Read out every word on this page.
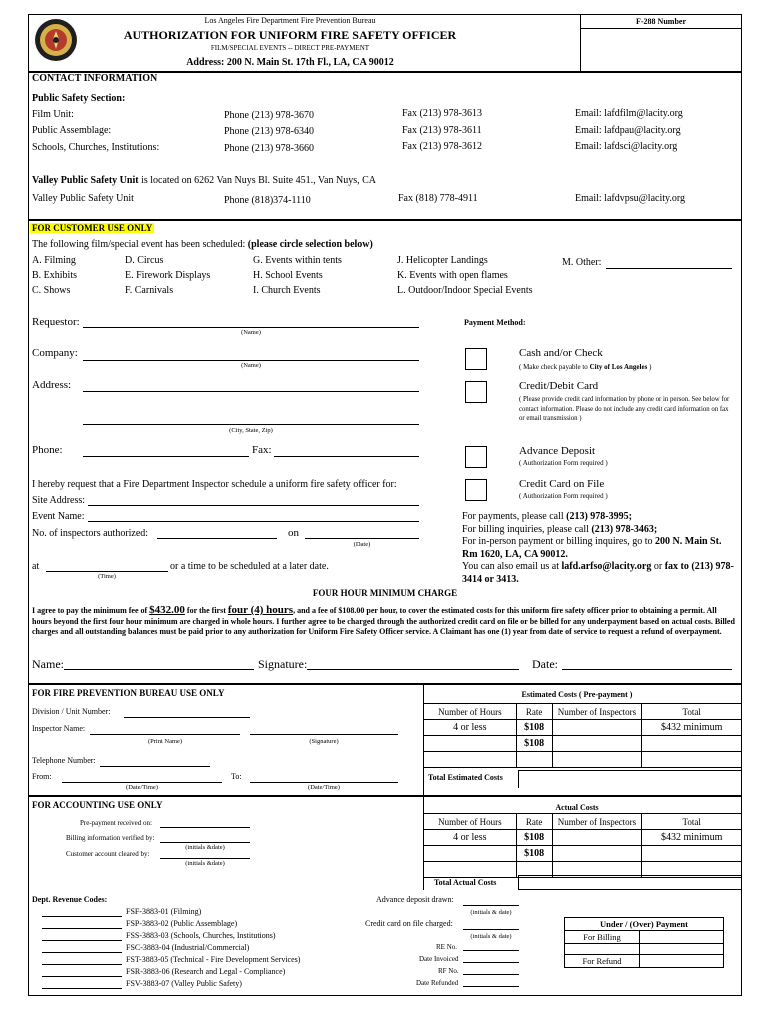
Los Angeles Fire Department Fire Prevention Bureau
AUTHORIZATION FOR UNIFORM FIRE SAFETY OFFICER
FILM/SPECIAL EVENTS -- DIRECT PRE-PAYMENT
Address: 200 N. Main St. 17th Fl., LA, CA 90012
F-288 Number
CONTACT INFORMATION
Public Safety Section:
Film Unit:	Phone (213) 978-3670	Fax (213) 978-3613	Email: lafdfilm@lacity.org
Public Assemblage:	Phone (213) 978-6340	Fax (213) 978-3611	Email: lafdpau@lacity.org
Schools, Churches, Institutions:	Phone (213) 978-3660	Fax (213) 978-3612	Email: lafdsci@lacity.org
Valley Public Safety Unit is located on 6262 Van Nuys Bl. Suite 451., Van Nuys, CA
Valley Public Safety Unit	Phone (818)374-1110	Fax (818) 778-4911	Email: lafdvpsu@lacity.org
FOR CUSTOMER USE ONLY
The following film/special event has been scheduled: (please circle selection below)
A. Filming
B. Exhibits
C. Shows
D. Circus
E. Firework Displays
F. Carnivals
G. Events within tents
H. School Events
I. Church Events
J. Helicopter Landings
K. Events with open flames
L. Outdoor/Indoor Special Events
M. Other:
Requestor:
(Name)
Company:
(Name)
Address:
(City, State, Zip)
Phone:	Fax:
I hereby request that a Fire Department Inspector schedule a uniform fire safety officer for:
Site Address:
Event Name:
No. of inspectors authorized:	on
(Date)
at
(Time)
or a time to be scheduled at a later date.
Payment Method:
Cash and/or Check
( Make check payable to City of Los Angeles )
Credit/Debit Card
( Please provide credit card information by phone or in person. See below for contact information. Please do not include any credit card information on fax or email transmission )
Advance Deposit
( Authorization Form required )
Credit Card on File
( Authorization Form required )
For payments, please call (213) 978-3995;
For billing inquiries, please call (213) 978-3463;
For in-person payment or billing inquires, go to 200 N. Main St. Rm 1620, LA, CA 90012.
You can also email us at lafd.arfso@lacity.org or fax to (213) 978-3414 or 3413.
FOUR HOUR MINIMUM CHARGE
I agree to pay the minimum fee of $432.00 for the first four (4) hours, and a fee of $108.00 per hour, to cover the estimated costs for this uniform fire safety officer prior to obtaining a permit. All hours beyond the first four hour minimum are charged in whole hours. I further agree to be charged through the authorized credit card on file or be billed for any underpayment based on actual costs. Billed charges and all outstanding balances must be paid prior to any authorization for Uniform Fire Safety Officer service. A Claimant has one (1) year from date of service to request a refund of overpayment.
Name:	Signature:	Date:
FOR FIRE PREVENTION BUREAU USE ONLY
Division / Unit Number:
Inspector Name:
(Print Name)	(Signature)
Telephone Number:
From:
(Date/Time)
To:
(Date/Time)
Estimated Costs ( Pre-payment )
Number of Hours	Rate	Number of Inspectors	Total
4 or less	$108		$432 minimum
	$108		

Total Estimated Costs
FOR ACCOUNTING USE ONLY
Pre-payment received on:
Billing information verified by:
(initials &date)
Customer account cleared by:
(initials &date)
Actual Costs
Number of Hours	Rate	Number of Inspectors	Total
4 or less	$108		$432 minimum
	$108		

Total Actual Costs
Dept. Revenue Codes:
FSF-3883-01 (Filming)
FSP-3883-02 (Public Assemblage)
FSS-3883-03 (Schools, Churches, Institutions)
FSC-3883-04 (Industrial/Commercial)
FST-3883-05 (Technical - Fire Development Services)
FSR-3883-06 (Research and Legal - Compliance)
FSV-3883-07 (Valley Public Safety)
Advance deposit drawn:
(initials & date)
Credit card on file charged:
(initials & date)
RE No.
Date Invoiced
RF No.
Date Refunded
Under / (Over) Payment	
For Billing	

For Refund	
